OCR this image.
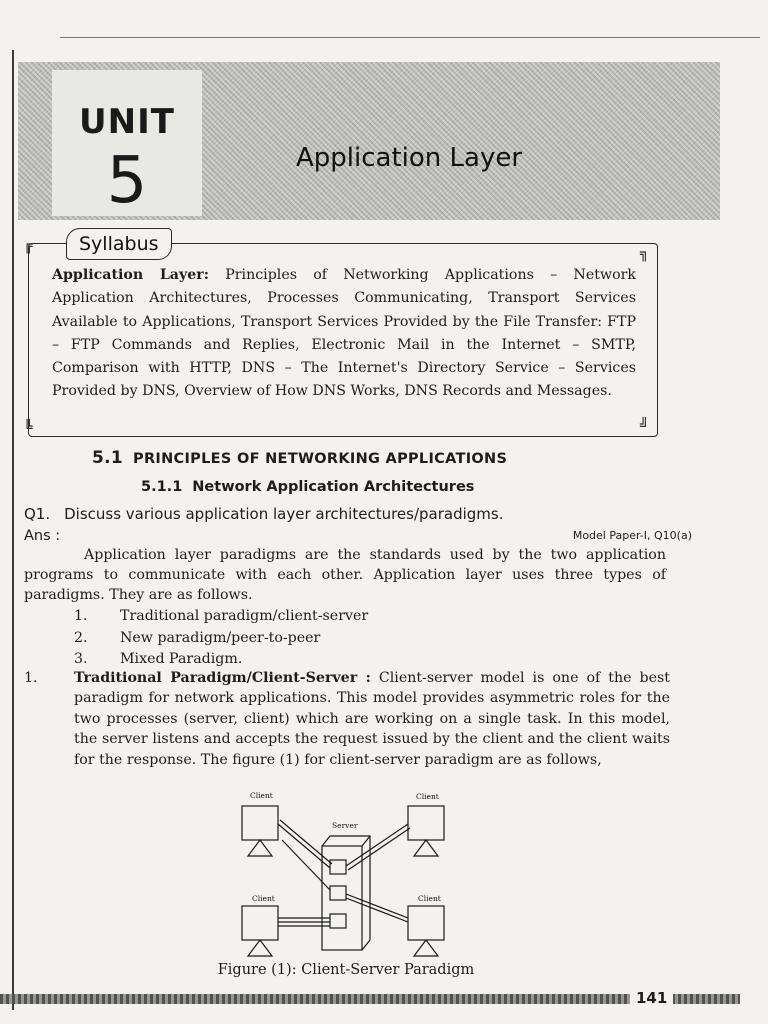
UNIT
5	Application Layer
╔	╗
╚	╝
Syllabus
Application Layer: Principles of Networking Applications – Network Application Architectures, Processes Communicating, Transport Services Available to Applications, Transport Services Provided by the File Transfer: FTP – FTP Commands and Replies, Electronic Mail in the Internet – SMTP, Comparison with HTTP, DNS – The Internet's Directory Service – Services Provided by DNS, Overview of How DNS Works, DNS Records and Messages.
5.1 PRINCIPLES OF NETWORKING APPLICATIONS
5.1.1 Network Application Architectures
Q1. Discuss various application layer architectures/paradigms.
Ans :	Model Paper-I, Q10(a)
Application layer paradigms are the standards used by the two application programs to communicate with each other. Application layer uses three types of paradigms. They are as follows.
1. Traditional paradigm/client-server
2. New paradigm/peer-to-peer
3. Mixed Paradigm.
1.	Traditional Paradigm/Client-Server : Client-server model is one of the best paradigm for network applications. This model provides asymmetric roles for the two processes (server, client) which are working on a single task. In this model, the server listens and accepts the request issued by the client and the client waits for the response. The figure (1) for client-server paradigm are as follows,
Client	Client
Server
Client	Client
Figure (1): Client-Server Paradigm
141
